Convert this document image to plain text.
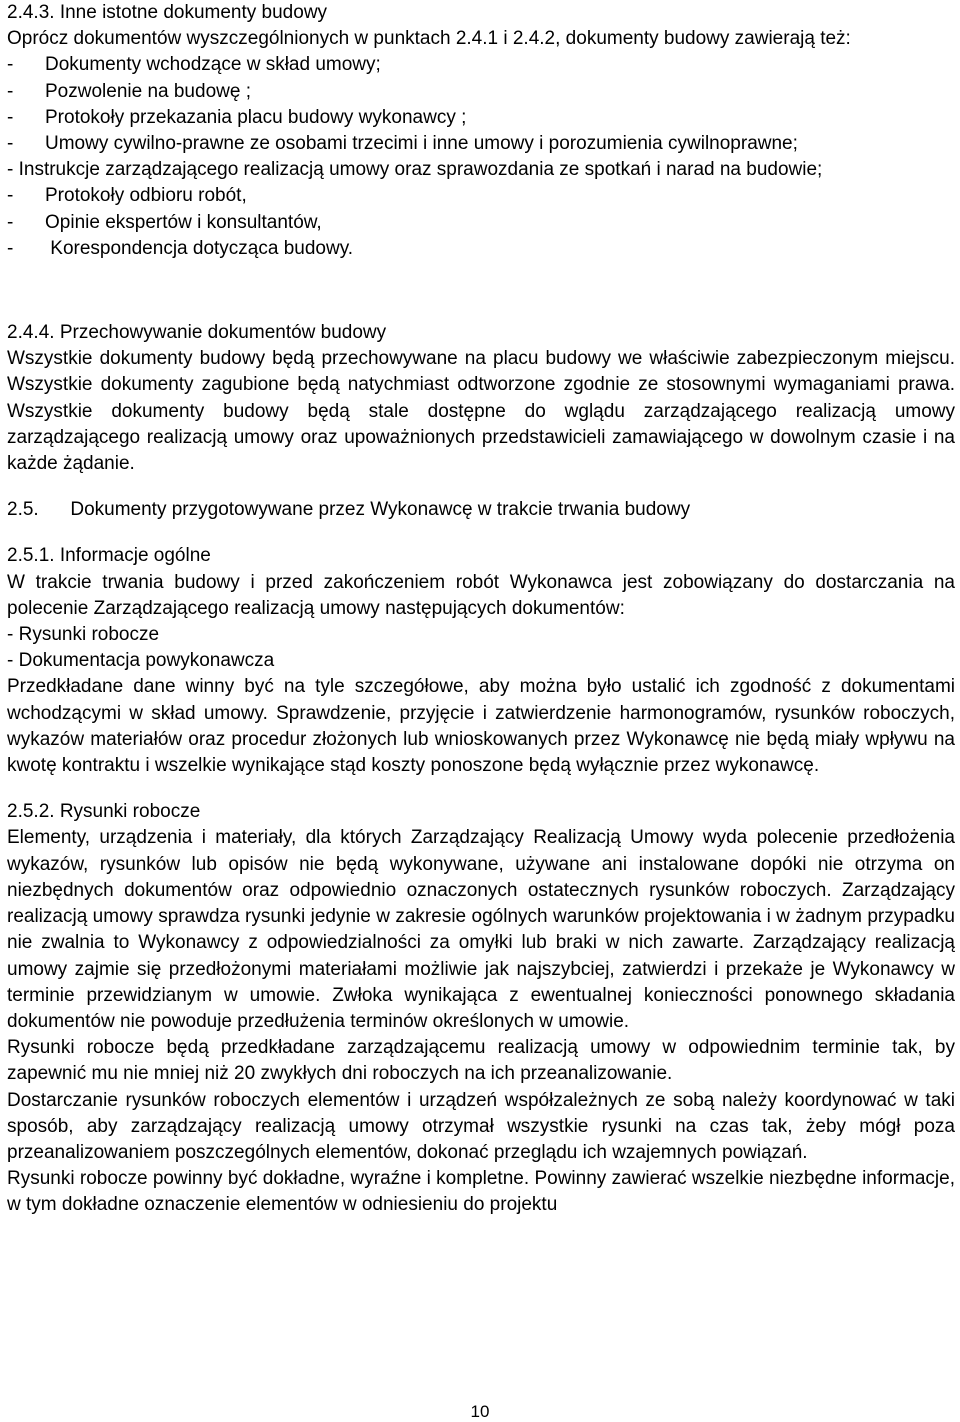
2.4.3. Inne istotne dokumenty budowy

Oprócz dokumentów wyszczególnionych w punktach 2.4.1 i 2.4.2, dokumenty budowy zawierają też:

- Dokumenty wchodzące w skład umowy;
- Pozwolenie na budowę ;
- Protokoły przekazania placu budowy wykonawcy ;
- Umowy cywilno-prawne ze osobami trzecimi i inne umowy i porozumienia cywilnoprawne;

- Instrukcje zarządzającego realizacją umowy oraz sprawozdania ze spotkań i narad na budowie;

- Protokoły odbioru robót,
- Opinie ekspertów i konsultantów,
- Korespondencja dotycząca budowy.

2.4.4. Przechowywanie dokumentów budowy

Wszystkie dokumenty budowy będą przechowywane na placu budowy we właściwie zabezpieczonym miejscu. Wszystkie dokumenty zagubione będą natychmiast odtworzone zgodnie ze stosownymi wymaganiami prawa. Wszystkie dokumenty budowy będą stale dostępne do wglądu zarządzającego realizacją umowy zarządzającego realizacją umowy oraz upoważnionych przedstawicieli zamawiającego w dowolnym czasie i na każde żądanie.

2.5.      Dokumenty przygotowywane przez Wykonawcę w trakcie trwania budowy

2.5.1. Informacje ogólne

W trakcie trwania budowy i przed zakończeniem robót Wykonawca jest zobowiązany do dostarczania na polecenie Zarządzającego realizacją umowy następujących dokumentów:

- Rysunki robocze

- Dokumentacja powykonawcza

Przedkładane dane winny być na tyle szczegółowe, aby można było ustalić ich zgodność z dokumentami wchodzącymi w skład umowy. Sprawdzenie, przyjęcie i zatwierdzenie harmonogramów, rysunków roboczych, wykazów materiałów oraz procedur złożonych lub wnioskowanych przez Wykonawcę nie będą miały wpływu na kwotę kontraktu i wszelkie wynikające stąd koszty ponoszone będą wyłącznie przez wykonawcę.

2.5.2. Rysunki robocze

Elementy, urządzenia i materiały, dla których Zarządzający Realizacją Umowy wyda polecenie przedłożenia wykazów, rysunków lub opisów nie będą wykonywane, używane ani instalowane dopóki nie otrzyma on niezbędnych dokumentów oraz odpowiednio oznaczonych ostatecznych rysunków roboczych. Zarządzający realizacją umowy sprawdza rysunki jedynie w zakresie ogólnych warunków projektowania i w żadnym przypadku nie zwalnia to Wykonawcy z odpowiedzialności za omyłki lub braki w nich zawarte. Zarządzający realizacją umowy zajmie się przedłożonymi materiałami możliwie jak najszybciej, zatwierdzi i przekaże je Wykonawcy w terminie przewidzianym w umowie. Zwłoka wynikająca z ewentualnej konieczności ponownego składania dokumentów nie powoduje przedłużenia terminów określonych w umowie.

Rysunki robocze będą przedkładane zarządzającemu realizacją umowy w odpowiednim terminie tak, by zapewnić mu nie mniej niż 20 zwykłych dni roboczych na ich przeanalizowanie.

Dostarczanie rysunków roboczych elementów i urządzeń współzależnych ze sobą należy koordynować w taki sposób, aby zarządzający realizacją umowy otrzymał wszystkie rysunki na czas tak, żeby mógł poza przeanalizowaniem poszczególnych elementów, dokonać przeglądu ich wzajemnych powiązań.

Rysunki robocze powinny być dokładne, wyraźne i kompletne. Powinny zawierać wszelkie niezbędne informacje, w tym dokładne oznaczenie elementów w odniesieniu do projektu

10
